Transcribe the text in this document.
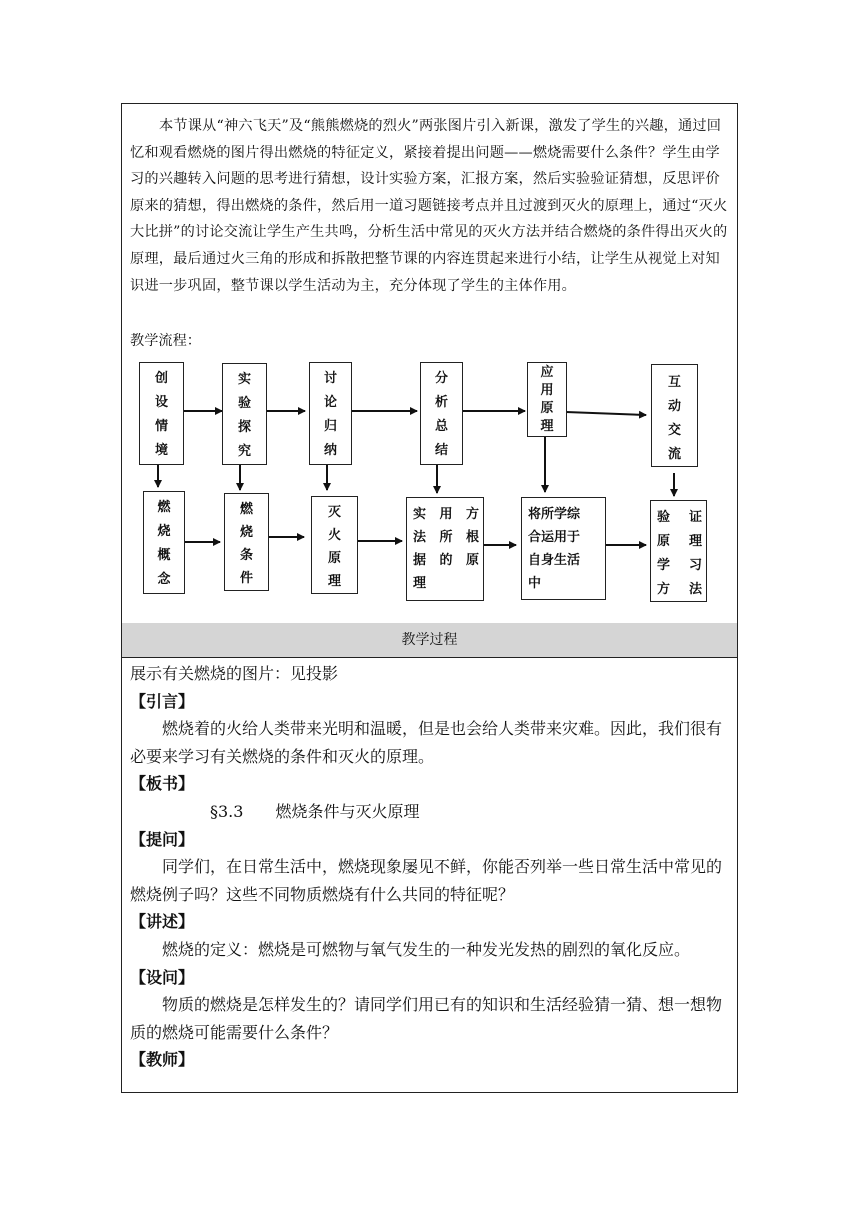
本节课从“神六飞天”及“熊熊燃烧的烈火”两张图片引入新课，激发了学生的兴趣，通过回忆和观看燃烧的图片得出燃烧的特征定义，紧接着提出问题——燃烧需要什么条件？学生由学习的兴趣转入问题的思考进行猜想，设计实验方案，汇报方案，然后实验验证猜想，反思评价原来的猜想，得出燃烧的条件，然后用一道习题链接考点并且过渡到灭火的原理上，通过“灭火大比拼”的讨论交流让学生产生共鸣，分析生活中常见的灭火方法并结合燃烧的条件得出灭火的原理，最后通过火三角的形成和拆散把整节课的内容连贯起来进行小结，让学生从视觉上对知识进一步巩固，整节课以学生活动为主，充分体现了学生的主体作用。

教学流程：
创
设
情
境
实
验
探
究
讨
论
归
纳
分
析
总
结
应
用
原
理
互
动
交
流
燃
烧
概
念
燃
烧
条
件
灭
火
原
理
实用方
法所根
据的原
理
将所学综
合运用于
自身生活
中
验证
原理
学习
方法
教学过程

展示有关燃烧的图片：见投影

【引言】

燃烧着的火给人类带来光明和温暖，但是也会给人类带来灾难。因此，我们很有必要来学习有关燃烧的条件和灭火的原理。

【板书】

§3.3　　燃烧条件与灭火原理

【提问】

同学们，在日常生活中，燃烧现象屡见不鲜，你能否列举一些日常生活中常见的燃烧例子吗？这些不同物质燃烧有什么共同的特征呢？

【讲述】

燃烧的定义：燃烧是可燃物与氧气发生的一种发光发热的剧烈的氧化反应。

【设问】

物质的燃烧是怎样发生的？请同学们用已有的知识和生活经验猜一猜、想一想物质的燃烧可能需要什么条件？

【教师】
